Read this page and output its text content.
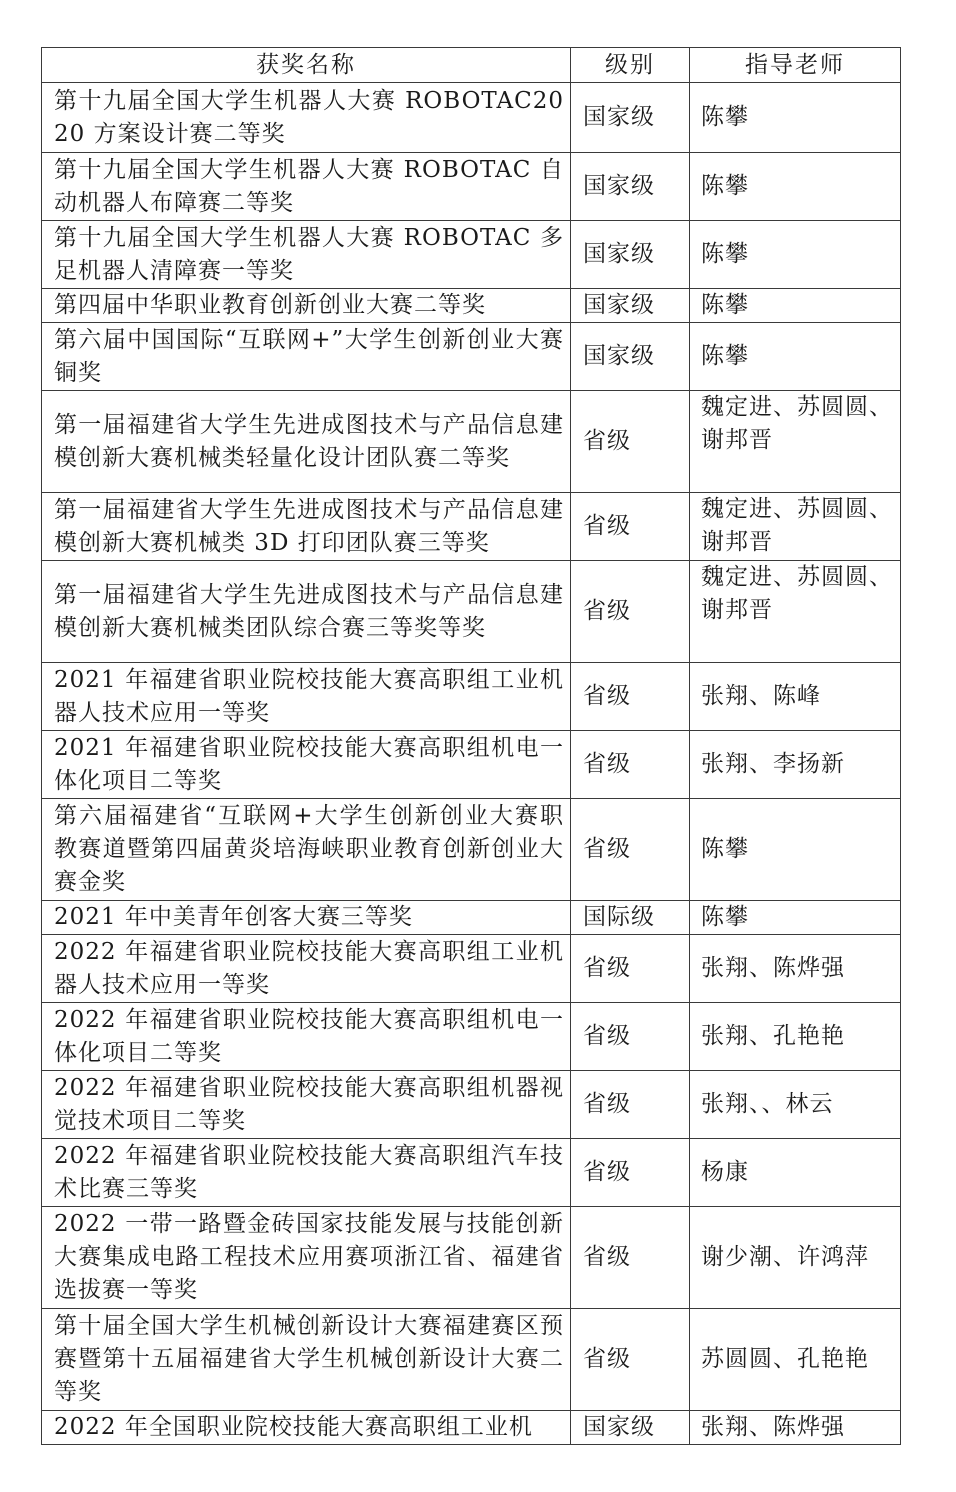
获奖名称	级别	指导老师
第十九届全国大学生机器人大赛 ROBOTAC2020 方案设计赛二等奖	国家级	陈攀
第十九届全国大学生机器人大赛 ROBOTAC 自动机器人布障赛二等奖	国家级	陈攀
第十九届全国大学生机器人大赛 ROBOTAC 多足机器人清障赛一等奖	国家级	陈攀
第四届中华职业教育创新创业大赛二等奖	国家级	陈攀
第六届中国国际“互联网+”大学生创新创业大赛铜奖	国家级	陈攀
第一届福建省大学生先进成图技术与产品信息建模创新大赛机械类轻量化设计团队赛二等奖	省级	魏定进、苏圆圆、谢邦晋
第一届福建省大学生先进成图技术与产品信息建模创新大赛机械类 3D 打印团队赛三等奖	省级	魏定进、苏圆圆、谢邦晋
第一届福建省大学生先进成图技术与产品信息建模创新大赛机械类团队综合赛三等奖等奖	省级	魏定进、苏圆圆、谢邦晋
2021 年福建省职业院校技能大赛高职组工业机器人技术应用一等奖	省级	张翔、陈峰
2021 年福建省职业院校技能大赛高职组机电一体化项目二等奖	省级	张翔、李扬新
第六届福建省“互联网+大学生创新创业大赛职教赛道暨第四届黄炎培海峡职业教育创新创业大赛金奖	省级	陈攀
2021 年中美青年创客大赛三等奖	国际级	陈攀
2022 年福建省职业院校技能大赛高职组工业机器人技术应用一等奖	省级	张翔、陈烨强
2022 年福建省职业院校技能大赛高职组机电一体化项目二等奖	省级	张翔、孔艳艳
2022 年福建省职业院校技能大赛高职组机器视觉技术项目二等奖	省级	张翔、、林云
2022 年福建省职业院校技能大赛高职组汽车技术比赛三等奖	省级	杨康
2022 一带一路暨金砖国家技能发展与技能创新大赛集成电路工程技术应用赛项浙江省、福建省选拔赛一等奖	省级	谢少潮、许鸿萍
第十届全国大学生机械创新设计大赛福建赛区预赛暨第十五届福建省大学生机械创新设计大赛二等奖	省级	苏圆圆、孔艳艳
2022 年全国职业院校技能大赛高职组工业机	国家级	张翔、陈烨强
